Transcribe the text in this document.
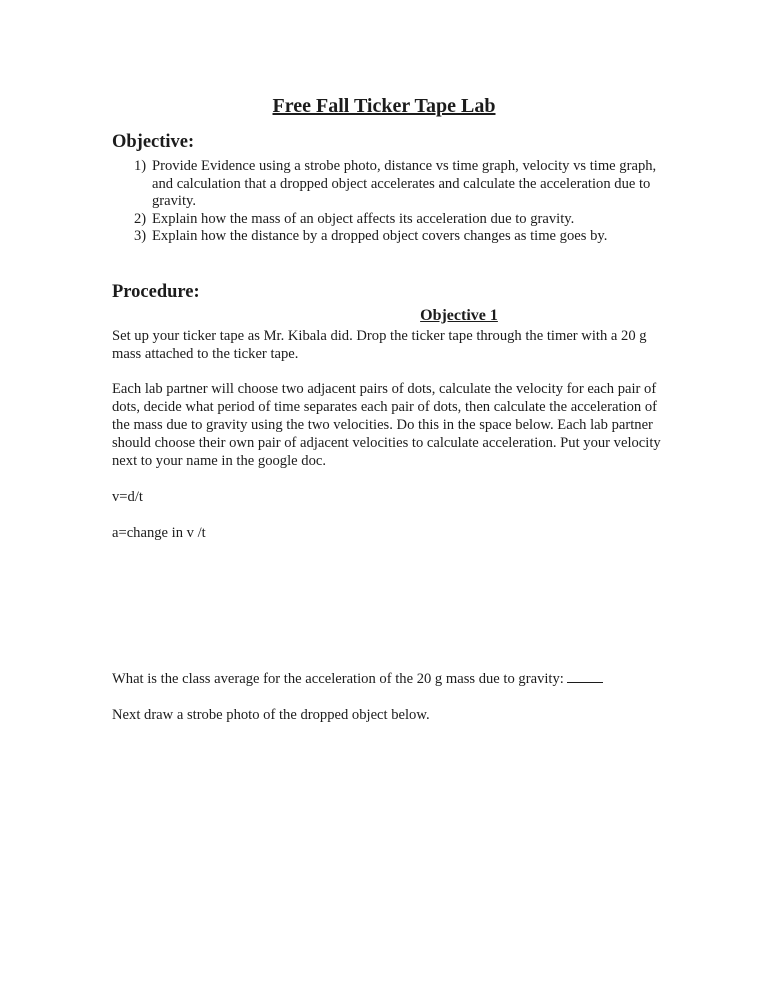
Free Fall Ticker Tape Lab
Objective:
1) Provide Evidence using a strobe photo, distance vs time graph, velocity vs time graph, and calculation that a dropped object accelerates and calculate the acceleration due to gravity.
2) Explain how the mass of an object affects its acceleration due to gravity.
3) Explain how the distance by a dropped object covers changes as time goes by.
Procedure:
Objective 1

Set up your ticker tape as Mr. Kibala did. Drop the ticker tape through the timer with a 20 g mass attached to the ticker tape.

Each lab partner will choose two adjacent pairs of dots, calculate the velocity for each pair of dots, decide what period of time separates each pair of dots, then calculate the acceleration of the mass due to gravity using the two velocities. Do this in the space below. Each lab partner should choose their own pair of adjacent velocities to calculate acceleration. Put your velocity next to your name in the google doc.

v=d/t

a=change in v /t

What is the class average for the acceleration of the 20 g mass due to gravity:

Next draw a strobe photo of the dropped object below.
